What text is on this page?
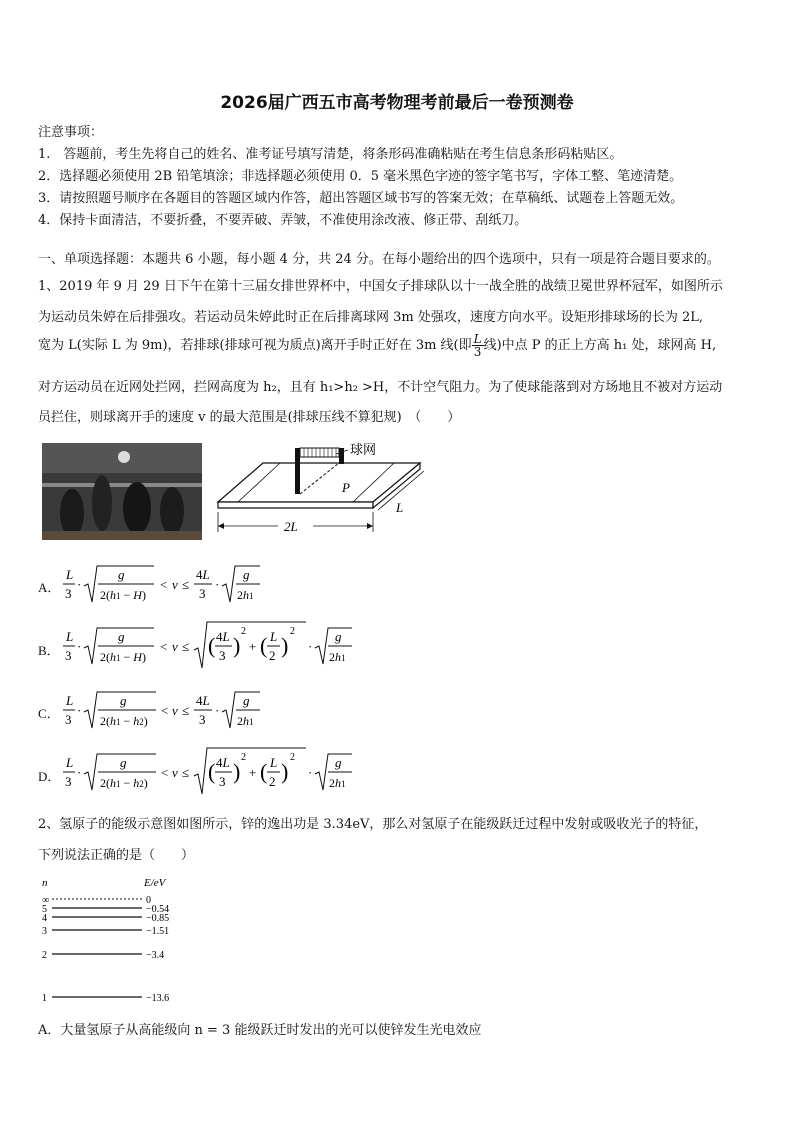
2026届广西五市高考物理考前最后一卷预测卷
注意事项：
1.　答题前，考生先将自己的姓名、准考证号填写清楚，将条形码准确粘贴在考生信息条形码粘贴区。
2．选择题必须使用 2B 铅笔填涂；非选择题必须使用 0．5 毫米黑色字迹的签字笔书写，字体工整、笔迹清楚。
3．请按照题号顺序在各题目的答题区域内作答，超出答题区域书写的答案无效；在草稿纸、试题卷上答题无效。
4．保持卡面清洁，不要折叠，不要弄破、弄皱，不准使用涂改液、修正带、刮纸刀。
一、单项选择题：本题共 6 小题，每小题 4 分，共 24 分。在每小题给出的四个选项中，只有一项是符合题目要求的。
1、2019 年 9 月 29 日下午在第十三届女排世界杯中，中国女子排球队以十一战全胜的战绩卫冕世界杯冠军，如图所示
为运动员朱婷在后排强攻。若运动员朱婷此时正在后排离球网 3m 处强攻，速度方向水平。设矩形排球场的长为 2L,
宽为 L(实际 L 为 9m)，若排球(排球可视为质点)离开手时正好在 3m 线(即 $\frac{L}{3}$ 线)中点 P 的正上方高 h₁ 处，球网高 H,
对方运动员在近网处拦网，拦网高度为 h₂，且有 h₁>h₂ >H，不计空气阻力。为了使球能落到对方场地且不被对方运动
员拦住，则球离开手的速度 v 的最大范围是(排球压线不算犯规)　（　　）
球网
P
2L
L
A．
L
3
·
g
2(h1 − H)
< v ≤
4L
3
·
g
2h1
B．
L
3
·
g
2(h1 − H)
< v ≤ ( 4L
3 )
2
+ ( L
2 )
2
·
g
2h1
C．
L
3
·
g
2(h1 − h2)
< v ≤
4L
3
·
g
2h1
D．
L
3
·
g
2(h1 − h2)
< v ≤ ( 4L
3 )
2
+ ( L
2 )
2
·
g
2h1
2、氢原子的能级示意图如图所示，锌的逸出功是 3.34eV，那么对氢原子在能级跃迁过程中发射或吸收光子的特征，
下列说法正确的是（　　）
n	E/eV
∞	0
5	−0.54
4	−0.85
3	−1.51
2	−3.4
1	−13.6
A．大量氢原子从高能级向 n = 3 能级跃迁时发出的光可以使锌发生光电效应
